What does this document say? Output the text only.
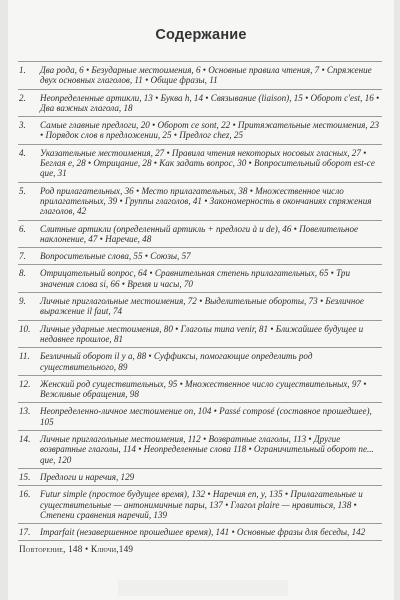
Содержание
1.	Два рода, 6 • Безударные местоимения, 6 • Основные правила чтения, 7 • Спряжение двух основных глаголов, 11 • Общие фразы, 11
2.	Неопределенные артикли, 13 • Буква h, 14 • Связывание (liaison), 15 • Оборот c'est, 16 • Два важных глагола, 18
3.	Самые главные предлоги, 20 • Оборот ce sont, 22 • Притяжательные местоимения, 23 • Порядок слов в предложении, 25 • Предлог chez, 25
4.	Указательные местоимения, 27 • Правила чтения некоторых носовых гласных, 27 • Беглая e, 28 • Отрицание, 28 • Как задать вопрос, 30 • Вопросительный оборот est-ce que, 31
5.	Род прилагательных, 36 • Место прилагательных, 38 • Множественное число прилагательных, 39 • Группы глаголов, 41 • Закономерность в окончаниях спряжения глаголов, 42
6.	Слитные артикли (определенный артикль + предлоги à и de), 46 • Повелительное наклонение, 47 • Наречие, 48
7.	Вопросительные слова, 55 • Союзы, 57
8.	Отрицательный вопрос, 64 • Сравнительная степень прилагательных, 65 • Три значения слова si, 66 • Время и часы, 70
9.	Личные приглагольные местоимения, 72 • Выделительные обороты, 73 • Безличное выражение il faut, 74
10.	Личные ударные местоимения, 80 • Глаголы типа venir, 81 • Ближайшее будущее и недавнее прошлое, 81
11.	Безличный оборот il y a, 88 • Суффиксы, помогающие определить род существительного, 89
12.	Женский род существительных, 95 • Множественное число существительных, 97 • Вежливые обращения, 98
13.	Неопределенно-личное местоимение on, 104 • Passé composé (составное прошедшее), 105
14.	Личные приглагольные местоимения, 112 • Возвратные глаголы, 113 • Другие возвратные глаголы, 114 • Неопределенные слова 118 • Ограничительный оборот ne... que, 120
15.	Предлоги и наречия, 129
16.	Futur simple (простое будущее время), 132 • Наречия en, y, 135 • Прилагательные и существительные — антонимичные пары, 137 • Глагол plaire — нравиться, 138 • Степени сравнения наречий, 139
17.	Imparfait (незавершенное прошедшее время), 141 • Основные фразы для беседы, 142
Повторение, 148 • Ключи,149
